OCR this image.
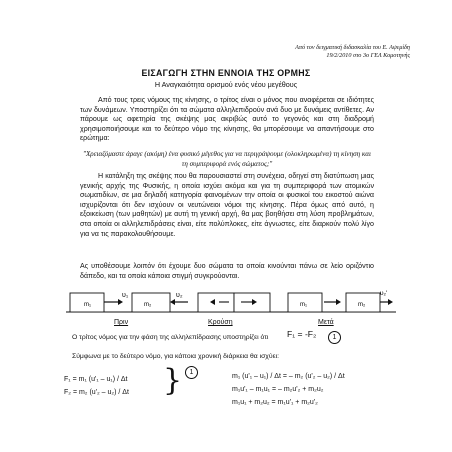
Από τον δειγματική διδασκαλία του Ε. Αψεμίδη
19/2/2010 στο 3ο ΓΕΛ Κομοτηνής
ΕΙΣΑΓΩΓΗ ΣΤΗΝ ΕΝΝΟΙΑ ΤΗΣ ΟΡΜΗΣ
Η Αναγκαιότητα ορισμού ενός νέου μεγέθους

Από τους τρεις νόμους της κίνησης, ο τρίτος είναι ο μόνος που αναφέρεται σε ιδιότητες των δυνάμεων. Υποστηρίζει ότι τα σώματα αλληλεπιδρούν ανά δυο με δυνάμεις αντίθετες. Αν πάρουμε ως αφετηρία της σκέψης μας ακριβώς αυτό το γεγονός και στη διαδρομή χρησιμοποιήσουμε και το δεύτερο νόμο της κίνησης, θα μπορέσουμε να απαντήσουμε στο ερώτημα:

"Χρειαζόμαστε άραγε (ακόμη) ένα φυσικό μέγεθος για να περιγράψουμε (ολοκληρωμένα) τη κίνηση και τη συμπεριφορά ενός σώματος;"

Η κατάληξη της σκέψης που θα παρουσιαστεί στη συνέχεια, οδηγεί στη διατύπωση μιας γενικής αρχής της Φυσικής, η οποία ισχύει ακόμα και για τη συμπεριφορά των ατομικών σωματιδίων, σε μια δηλαδή κατηγορία φαινομένων την οποία οι φυσικοί του εικοστού αιώνα ισχυρίζονται ότι δεν ισχύουν οι νευτώνειοι νόμοι της κίνησης. Πέρα όμως από αυτό, η εξοικείωση (των μαθητών) με αυτή τη γενική αρχή, θα μας βοηθήσει στη λύση προβλημάτων, στα οποία οι αλληλεπιδράσεις είναι, είτε πολύπλοκες, είτε άγνωστες, είτε διαρκούν πολύ λίγο για να τις παρακολουθήσουμε.

Ας υποθέσουμε λοιπόν ότι έχουμε δυο σώματα τα οποία κινούνται πάνω σε λείο οριζόντιο δάπεδο, και τα οποία κάποια στιγμή συγκρούονται.

m₁
υ₁
m₂
υ₂
m₁	m₂
υ₂'
Πριν	Κρούση	Μετά
Ο τρίτος νόμος για την φάση της αλληλεπίδρασης υποστηρίζει ότι F₁ = -F₂	1
Σύμφωνα με το δεύτερο νόμο, για κάποια χρονική διάρκεια θα ισχύει:
F₁ = m₁ (u'₁ – u₁) / Δt
F₂ = m₂ (u'₂ – u₂) / Δt }	1
m₁ (u'₁ – u₁) / Δt = – m₂ (u'₂ – u₂) / Δt
m₁u'₁ – m₁u₁ = – m₂u'₂ + m₂u₂
m₁u₁ + m₂u₂ = m₁u'₁ + m₂u'₂
